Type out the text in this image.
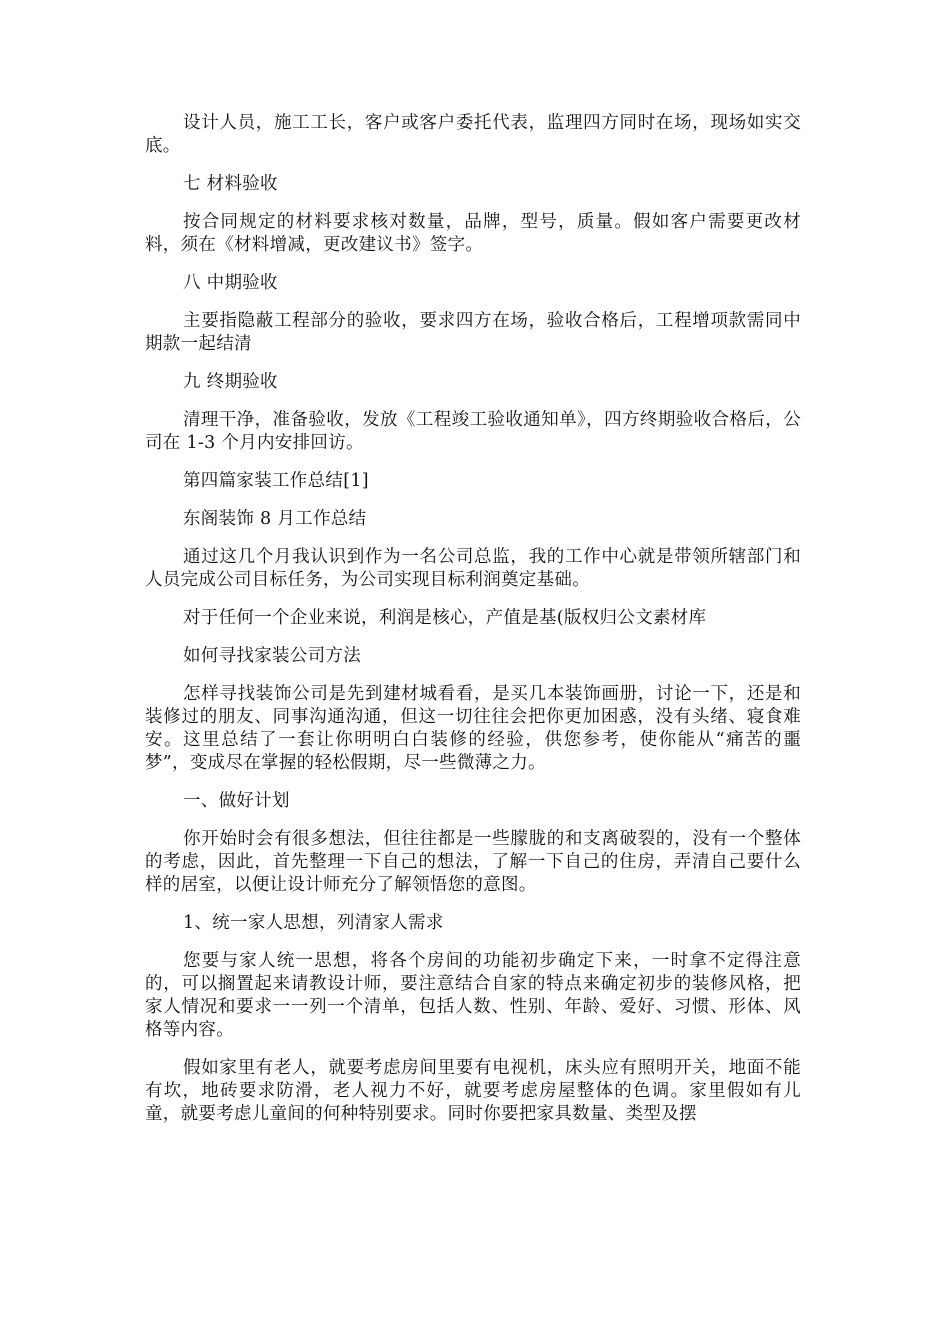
设计人员，施工工长，客户或客户委托代表，监理四方同时在场，现场如实交底。

七 材料验收

按合同规定的材料要求核对数量，品牌，型号，质量。假如客户需要更改材料，须在《材料增减，更改建议书》签字。

八 中期验收

主要指隐蔽工程部分的验收，要求四方在场，验收合格后，工程增项款需同中期款一起结清

九 终期验收

清理干净，准备验收，发放《工程竣工验收通知单》，四方终期验收合格后，公司在 1-3 个月内安排回访。

第四篇家装工作总结[1]

东阁装饰 8 月工作总结

通过这几个月我认识到作为一名公司总监，我的工作中心就是带领所辖部门和人员完成公司目标任务，为公司实现目标利润奠定基础。

对于任何一个企业来说，利润是核心，产值是基(版权归公文素材库

如何寻找家装公司方法

怎样寻找装饰公司是先到建材城看看，是买几本装饰画册，讨论一下，还是和装修过的朋友、同事沟通沟通，但这一切往往会把你更加困惑，没有头绪、寝食难安。这里总结了一套让你明明白白装修的经验，供您参考，使你能从“痛苦的噩梦”，变成尽在掌握的轻松假期，尽一些微薄之力。

一、做好计划

你开始时会有很多想法，但往往都是一些朦胧的和支离破裂的，没有一个整体的考虑，因此，首先整理一下自己的想法，了解一下自己的住房，弄清自己要什么样的居室，以便让设计师充分了解领悟您的意图。

1、统一家人思想，列清家人需求

您要与家人统一思想，将各个房间的功能初步确定下来，一时拿不定得注意的，可以搁置起来请教设计师，要注意结合自家的特点来确定初步的装修风格，把家人情况和要求一一列一个清单，包括人数、性别、年龄、爱好、习惯、形体、风格等内容。

假如家里有老人，就要考虑房间里要有电视机，床头应有照明开关，地面不能有坎，地砖要求防滑，老人视力不好，就要考虑房屋整体的色调。家里假如有儿童，就要考虑儿童间的何种特别要求。同时你要把家具数量、类型及摆
